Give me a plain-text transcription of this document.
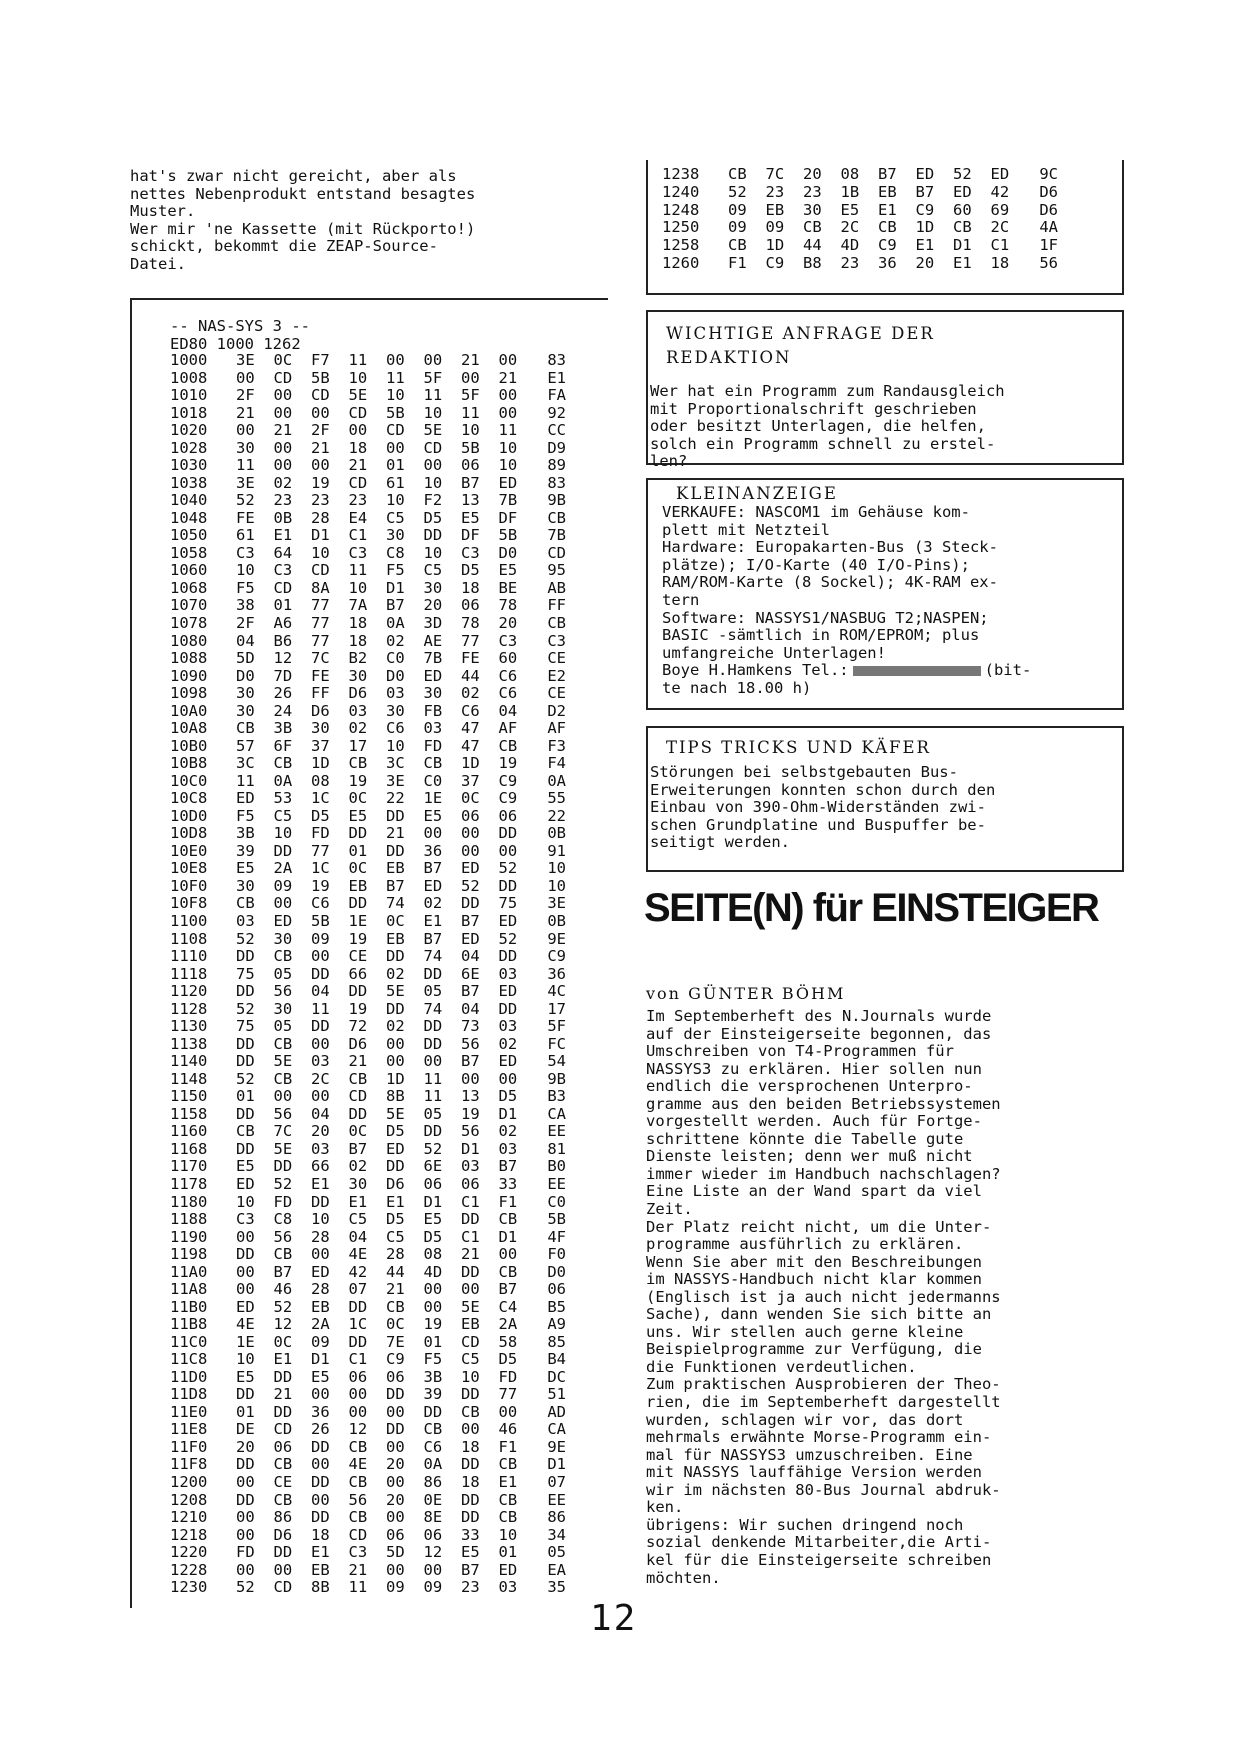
hat's zwar nicht gereicht, aber als
nettes Nebenprodukt entstand besagtes
Muster.
Wer mir 'ne Kassette (mit Rückporto!)
schickt, bekommt die ZEAP-Source-
Datei.
-- NAS-SYS 3 --
ED80 1000 1262
1000 3E 0C F7 11 00 00 21 00 83
1008 00 CD 5B 10 11 5F 00 21 E1
1010 2F 00 CD 5E 10 11 5F 00 FA
1018 21 00 00 CD 5B 10 11 00 92
1020 00 21 2F 00 CD 5E 10 11 CC
1028 30 00 21 18 00 CD 5B 10 D9
1030 11 00 00 21 01 00 06 10 89
1038 3E 02 19 CD 61 10 B7 ED 83
1040 52 23 23 23 10 F2 13 7B 9B
1048 FE 0B 28 E4 C5 D5 E5 DF CB
1050 61 E1 D1 C1 30 DD DF 5B 7B
1058 C3 64 10 C3 C8 10 C3 D0 CD
1060 10 C3 CD 11 F5 C5 D5 E5 95
1068 F5 CD 8A 10 D1 30 18 BE AB
1070 38 01 77 7A B7 20 06 78 FF
1078 2F A6 77 18 0A 3D 78 20 CB
1080 04 B6 77 18 02 AE 77 C3 C3
1088 5D 12 7C B2 C0 7B FE 60 CE
1090 D0 7D FE 30 D0 ED 44 C6 E2
1098 30 26 FF D6 03 30 02 C6 CE
10A0 30 24 D6 03 30 FB C6 04 D2
10A8 CB 3B 30 02 C6 03 47 AF AF
10B0 57 6F 37 17 10 FD 47 CB F3
10B8 3C CB 1D CB 3C CB 1D 19 F4
10C0 11 0A 08 19 3E C0 37 C9 0A
10C8 ED 53 1C 0C 22 1E 0C C9 55
10D0 F5 C5 D5 E5 DD E5 06 06 22
10D8 3B 10 FD DD 21 00 00 DD 0B
10E0 39 DD 77 01 DD 36 00 00 91
10E8 E5 2A 1C 0C EB B7 ED 52 10
10F0 30 09 19 EB B7 ED 52 DD 10
10F8 CB 00 C6 DD 74 02 DD 75 3E
1100 03 ED 5B 1E 0C E1 B7 ED 0B
1108 52 30 09 19 EB B7 ED 52 9E
1110 DD CB 00 CE DD 74 04 DD C9
1118 75 05 DD 66 02 DD 6E 03 36
1120 DD 56 04 DD 5E 05 B7 ED 4C
1128 52 30 11 19 DD 74 04 DD 17
1130 75 05 DD 72 02 DD 73 03 5F
1138 DD CB 00 D6 00 DD 56 02 FC
1140 DD 5E 03 21 00 00 B7 ED 54
1148 52 CB 2C CB 1D 11 00 00 9B
1150 01 00 00 CD 8B 11 13 D5 B3
1158 DD 56 04 DD 5E 05 19 D1 CA
1160 CB 7C 20 0C D5 DD 56 02 EE
1168 DD 5E 03 B7 ED 52 D1 03 81
1170 E5 DD 66 02 DD 6E 03 B7 B0
1178 ED 52 E1 30 D6 06 06 33 EE
1180 10 FD DD E1 E1 D1 C1 F1 C0
1188 C3 C8 10 C5 D5 E5 DD CB 5B
1190 00 56 28 04 C5 D5 C1 D1 4F
1198 DD CB 00 4E 28 08 21 00 F0
11A0 00 B7 ED 42 44 4D DD CB D0
11A8 00 46 28 07 21 00 00 B7 06
11B0 ED 52 EB DD CB 00 5E C4 B5
11B8 4E 12 2A 1C 0C 19 EB 2A A9
11C0 1E 0C 09 DD 7E 01 CD 58 85
11C8 10 E1 D1 C1 C9 F5 C5 D5 B4
11D0 E5 DD E5 06 06 3B 10 FD DC
11D8 DD 21 00 00 DD 39 DD 77 51
11E0 01 DD 36 00 00 DD CB 00 AD
11E8 DE CD 26 12 DD CB 00 46 CA
11F0 20 06 DD CB 00 C6 18 F1 9E
11F8 DD CB 00 4E 20 0A DD CB D1
1200 00 CE DD CB 00 86 18 E1 07
1208 DD CB 00 56 20 0E DD CB EE
1210 00 86 DD CB 00 8E DD CB 86
1218 00 D6 18 CD 06 06 33 10 34
1220 FD DD E1 C3 5D 12 E5 01 05
1228 00 00 EB 21 00 00 B7 ED EA
1230 52 CD 8B 11 09 09 23 03 35
1238 CB 7C 20 08 B7 ED 52 ED 9C
1240 52 23 23 1B EB B7 ED 42 D6
1248 09 EB 30 E5 E1 C9 60 69 D6
1250 09 09 CB 2C CB 1D CB 2C 4A
1258 CB 1D 44 4D C9 E1 D1 C1 1F
1260 F1 C9 B8 23 36 20 E1 18 56
WICHTIGE ANFRAGE DER
REDAKTION
Wer hat ein Programm zum Randausgleich
mit Proportionalschrift geschrieben
oder besitzt Unterlagen, die helfen,
solch ein Programm schnell zu erstel-
len?
KLEINANZEIGE
VERKAUFE: NASCOM1 im Gehäuse kom-
plett mit Netzteil
Hardware: Europakarten-Bus (3 Steck-
plätze); I/O-Karte (40 I/O-Pins);
RAM/ROM-Karte (8 Sockel); 4K-RAM ex-
tern
Software: NASSYS1/NASBUG T2;NASPEN;
BASIC -sämtlich in ROM/EPROM; plus
umfangreiche Unterlagen!
Boye H.Hamkens Tel.:	(bit-
te nach 18.00 h)
TIPS TRICKS UND KÄFER
Störungen bei selbstgebauten Bus-
Erweiterungen konnten schon durch den
Einbau von 390-Ohm-Widerständen zwi-
schen Grundplatine und Buspuffer be-
seitigt werden.
SEITE(N) für EINSTEIGER
von GÜNTER BÖHM
Im Septemberheft des N.Journals wurde
auf der Einsteigerseite begonnen, das
Umschreiben von T4-Programmen für
NASSYS3 zu erklären. Hier sollen nun
endlich die versprochenen Unterpro-
gramme aus den beiden Betriebssystemen
vorgestellt werden. Auch für Fortge-
schrittene könnte die Tabelle gute
Dienste leisten; denn wer muß nicht
immer wieder im Handbuch nachschlagen?
Eine Liste an der Wand spart da viel
Zeit.
Der Platz reicht nicht, um die Unter-
programme ausführlich zu erklären.
Wenn Sie aber mit den Beschreibungen
im NASSYS-Handbuch nicht klar kommen
(Englisch ist ja auch nicht jedermanns
Sache), dann wenden Sie sich bitte an
uns. Wir stellen auch gerne kleine
Beispielprogramme zur Verfügung, die
die Funktionen verdeutlichen.
Zum praktischen Ausprobieren der Theo-
rien, die im Septemberheft dargestellt
wurden, schlagen wir vor, das dort
mehrmals erwähnte Morse-Programm ein-
mal für NASSYS3 umzuschreiben. Eine
mit NASSYS lauffähige Version werden
wir im nächsten 80-Bus Journal abdruk-
ken.
übrigens: Wir suchen dringend noch
sozial denkende Mitarbeiter,die Arti-
kel für die Einsteigerseite schreiben
möchten.
12
